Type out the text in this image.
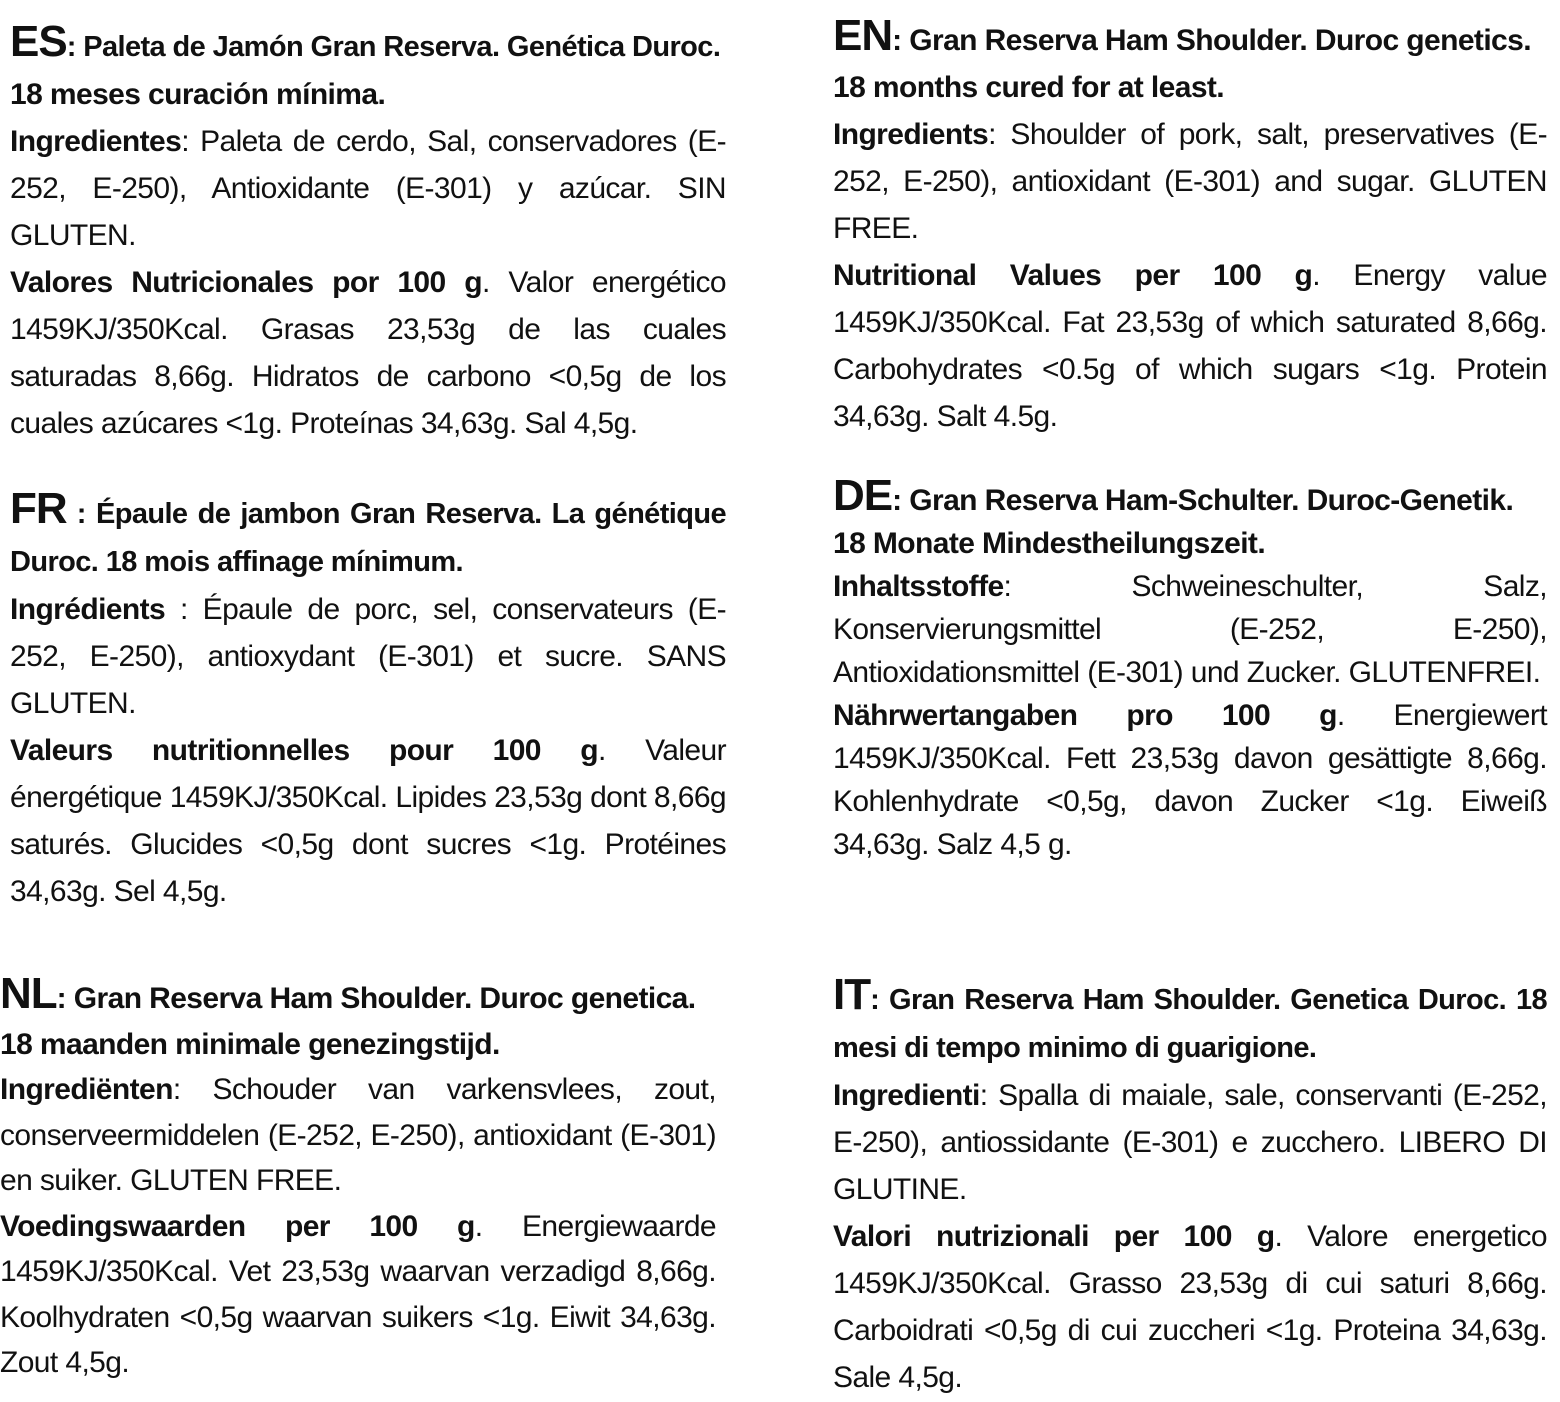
ES: Paleta de Jamón Gran Reserva. Genética Duroc.

18 meses curación mínima.

Ingredientes: Paleta de cerdo, Sal, conservadores (E-252, E-250), Antioxidante (E-301) y azúcar. SIN GLUTEN.

Valores Nutricionales por 100 g. Valor energético 1459KJ/350Kcal. Grasas 23,53g de las cuales saturadas 8,66g. Hidratos de carbono <0,5g de los cuales azúcares <1g. Proteínas 34,63g. Sal 4,5g.

EN: Gran Reserva Ham Shoulder. Duroc genetics.

18 months cured for at least.

Ingredients: Shoulder of pork, salt, preservatives (E-252, E-250), antioxidant (E-301) and sugar. GLUTEN FREE.

Nutritional Values per 100 g. Energy value 1459KJ/350Kcal. Fat 23,53g of which saturated 8,66g. Carbohydrates <0.5g of which sugars <1g. Protein 34,63g. Salt 4.5g.

FR : Épaule de jambon Gran Reserva. La génétique Duroc. 18 mois affinage mínimum.

Ingrédients : Épaule de porc, sel, conservateurs (E-252, E-250), antioxydant (E-301) et sucre. SANS GLUTEN.

Valeurs nutritionnelles pour 100 g. Valeur énergétique 1459KJ/350Kcal. Lipides 23,53g dont 8,66g saturés. Glucides <0,5g dont sucres <1g. Protéines 34,63g. Sel 4,5g.

DE: Gran Reserva Ham-Schulter. Duroc-Genetik.

18 Monate Mindestheilungszeit.

Inhaltsstoffe: Schweineschulter, Salz, Konservierungsmittel (E-252, E-250), Antioxidationsmittel (E-301) und Zucker. GLUTENFREI.

Nährwertangaben pro 100 g. Energiewert 1459KJ/350Kcal. Fett 23,53g davon gesättigte 8,66g. Kohlenhydrate <0,5g, davon Zucker <1g. Eiweiß 34,63g. Salz 4,5 g.

NL: Gran Reserva Ham Shoulder. Duroc genetica.

18 maanden minimale genezingstijd.

Ingrediënten: Schouder van varkensvlees, zout, conserveermiddelen (E-252, E-250), antioxidant (E-301) en suiker. GLUTEN FREE.

Voedingswaarden per 100 g. Energiewaarde 1459KJ/350Kcal. Vet 23,53g waarvan verzadigd 8,66g. Koolhydraten <0,5g waarvan suikers <1g. Eiwit 34,63g. Zout 4,5g.

IT: Gran Reserva Ham Shoulder. Genetica Duroc. 18 mesi di tempo minimo di guarigione.

Ingredienti: Spalla di maiale, sale, conservanti (E-252, E-250), antiossidante (E-301) e zucchero. LIBERO DI GLUTINE.

Valori nutrizionali per 100 g. Valore energetico 1459KJ/350Kcal. Grasso 23,53g di cui saturi 8,66g. Carboidrati <0,5g di cui zuccheri <1g. Proteina 34,63g. Sale 4,5g.
